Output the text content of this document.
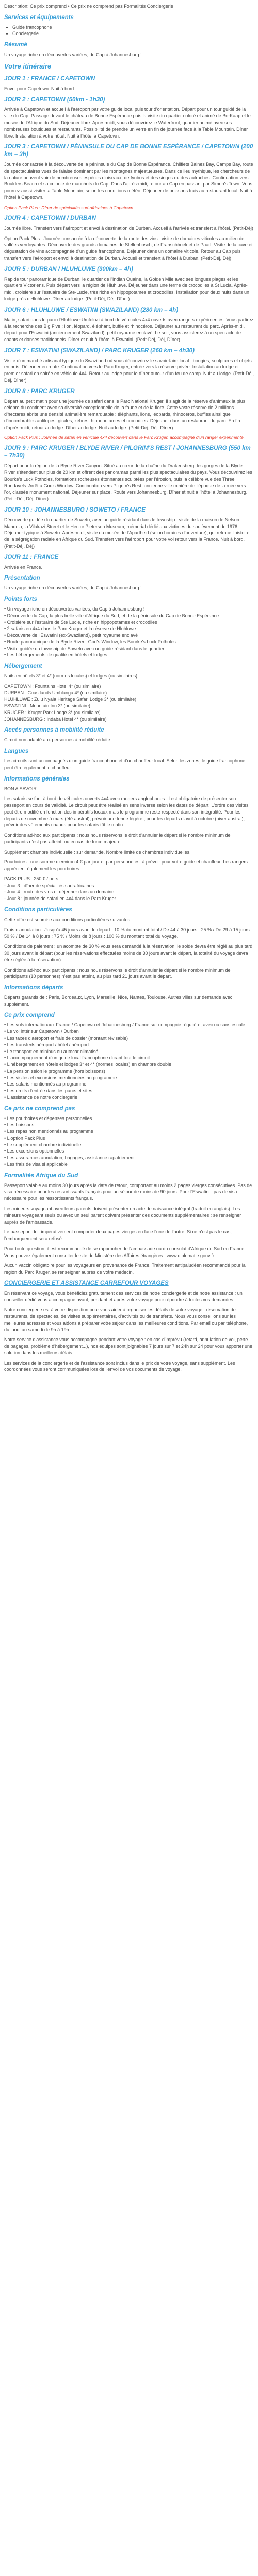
Description: Ce prix comprend • Ce prix ne comprend pas Formalités Conciergerie
Services et équipements
• Guide francophone
• Conciergerie
Résumé
Un voyage riche en découvertes variées, du Cap à Johannesburg !
Votre itinéraire
JOUR 1 : FRANCE / CAPETOWN
Envol pour Capetown. Nuit à bord.
JOUR 2 : CAPETOWN (50km - 1h30)
Arrivée à Capetown et accueil à l'aéroport par votre guide local puis tour d'orientation. Départ pour un tour guidé de la ville du Cap. Passage devant le château de Bonne Espérance puis la visite du quartier coloré et animé de Bo-Kaap et le musée de l'Afrique du Sud. Déjeuner libre. Après-midi, vous découvrirez le Waterfront, quartier animé avec ses nombreuses boutiques et restaurants. Possibilité de prendre un verre en fin de journée face à la Table Mountain. Dîner libre. Installation à votre hôtel. Nuit à l'hôtel à Capetown.
JOUR 3 : CAPETOWN / PÉNINSULE DU CAP DE BONNE ESPÉRANCE / CAPETOWN (200 km – 3h)
Journée consacrée à la découverte de la péninsule du Cap de Bonne Espérance. Chilfiets Baines Bay, Camps Bay, route de spectaculaires vues de falaise dominant par les montagnes majestueuses. Dans ce lieu mythique, les chercheurs de la nature peuvent voir de nombreuses espèces d'oiseaux, de fynbos et des singes ou des autruches. Continuation vers Boulders Beach et sa colonie de manchots du Cap. Dans l'après-midi, retour au Cap en passant par Simon's Town. Vous pourrez aussi visiter la Table Mountain, selon les conditions météo. Déjeuner de poissons frais au restaurant local. Nuit à l'hôtel à Capetown.
Option Pack Plus : Dîner de spécialités sud-africaines à Capetown.
JOUR 4 : CAPETOWN / DURBAN
Journée libre. Transfert vers l'aéroport et envol à destination de Durban. Accueil à l'arrivée et transfert à l'hôtel. (Petit-Déj)
Option Pack Plus : Journée consacrée à la découverte de la route des vins : visite de domaines viticoles au milieu de vallées verdoyantes. Découverte des grands domaines de Stellenbosch, de Franschhoek et de Paarl. Visite de la cave et dégustation de vins accompagnée d'un guide francophone. Déjeuner dans un domaine viticole. Retour au Cap puis transfert vers l'aéroport et envol à destination de Durban. Accueil et transfert à l'hôtel à Durban. (Petit-Déj, Déj)
JOUR 5 : DURBAN / HLUHLUWE (300km – 4h)
Rapide tour panoramique de Durban, le quartier de l'Indian Ouaine, la Golden Mile avec ses longues plages et les quartiers Victoriens. Puis départ vers la région de Hluhluwe. Déjeuner dans une ferme de crocodiles à St Lucia. Après-midi, croisière sur l'estuaire de Ste-Lucie, très riche en hippopotames et crocodiles. Installation pour deux nuits dans un lodge près d'Hluhluwe. Dîner au lodge. (Petit-Déj, Déj, Dîner)
JOUR 6 : HLUHLUWE / ESWATINI (SWAZILAND) (280 km – 4h)
Matin, safari dans le parc d'Hluhluwe-Umfolozi à bord de véhicules 4x4 ouverts avec rangers expérimentés. Vous partirez à la recherche des Big Five : lion, léopard, éléphant, buffle et rhinocéros. Déjeuner au restaurant du parc. Après-midi, départ pour l'Eswatini (anciennement Swaziland), petit royaume enclavé. Le soir, vous assisterez à un spectacle de chants et danses traditionnels. Dîner et nuit à l'hôtel à Eswatini. (Petit-Déj, Déj, Dîner)
JOUR 7 : ESWATINI (SWAZILAND) / PARC KRUGER (260 km – 4h30)
Visite d'un marché artisanal typique du Swaziland où vous découvrirez le savoir-faire local : bougies, sculptures et objets en bois. Déjeuner en route. Continuation vers le Parc Kruger, entrée vers la réserve privée. Installation au lodge et premier safari en soirée en véhicule 4x4. Retour au lodge pour le dîner autour d'un feu de camp. Nuit au lodge. (Petit-Déj, Déj, Dîner)
JOUR 8 : PARC KRUGER
Départ au petit matin pour une journée de safari dans le Parc National Kruger. Il s'agit de la réserve d'animaux la plus célèbre du continent avec sa diversité exceptionnelle de la faune et de la flore. Cette vaste réserve de 2 millions d'hectares abrite une densité animalière remarquable : éléphants, lions, léopards, rhinocéros, buffles ainsi que d'innombrables antilopes, girafes, zèbres, hippopotames et crocodiles. Déjeuner dans un restaurant du parc. En fin d'après-midi, retour au lodge. Dîner au lodge. Nuit au lodge. (Petit-Déj, Déj, Dîner)
Option Pack Plus : Journée de safari en véhicule 4x4 découvert dans le Parc Kruger, accompagné d'un ranger expérimenté.
JOUR 9 : PARC KRUGER / BLYDE RIVER / PILGRIM'S REST / JOHANNESBURG (550 km – 7h30)
Départ pour la région de la Blyde River Canyon. Situé au cœur de la chaîne du Drakensberg, les gorges de la Blyde River s'étendent sur plus de 20 km et offrent des panoramas parmi les plus spectaculaires du pays. Vous découvrirez les Bourke's Luck Potholes, formations rocheuses étonnantes sculptées par l'érosion, puis la célèbre vue des Three Rondavels. Arrêt à God's Window. Continuation vers Pilgrim's Rest, ancienne ville minière de l'époque de la ruée vers l'or, classée monument national. Déjeuner sur place. Route vers Johannesburg. Dîner et nuit à l'hôtel à Johannesburg. (Petit-Déj, Déj, Dîner)
JOUR 10 : JOHANNESBURG / SOWETO / FRANCE
Découverte guidée du quartier de Soweto, avec un guide résidant dans le township : visite de la maison de Nelson Mandela, la Vilakazi Street et le Hector Pieterson Museum, mémorial dédié aux victimes du soulèvement de 1976. Déjeuner typique à Soweto. Après-midi, visite du musée de l'Apartheid (selon horaires d'ouverture), qui retrace l'histoire de la ségrégation raciale en Afrique du Sud. Transfert vers l'aéroport pour votre vol retour vers la France. Nuit à bord. (Petit-Déj, Déj)
JOUR 11 : FRANCE
Arrivée en France.
Présentation
Un voyage riche en découvertes variées, du Cap à Johannesburg !
Points forts
• Un voyage riche en découvertes variées, du Cap à Johannesburg !
• Découverte du Cap, la plus belle ville d'Afrique du Sud, et de la péninsule du Cap de Bonne Espérance
• Croisière sur l'estuaire de Ste Lucie, riche en hippopotames et crocodiles
• 2 safaris en 4x4 dans le Parc Kruger et la réserve de Hluhluwe
• Découverte de l'Eswatini (ex-Swaziland), petit royaume enclavé
• Route panoramique de la Blyde River : God's Window, les Bourke's Luck Potholes
• Visite guidée du township de Soweto avec un guide résidant dans le quartier
• Les hébergements de qualité en hôtels et lodges
Hébergement
Nuits en hôtels 3* et 4* (normes locales) et lodges (ou similaires) :
CAPETOWN : Fountains Hotel 4* (ou similaire)
DURBAN : Coastlands Umhlanga 4* (ou similaire)
HLUHLUWE : Zulu Nyala Heritage Safari Lodge 3* (ou similaire)
ESWATINI : Mountain Inn 3* (ou similaire)
KRUGER : Kruger Park Lodge 3* (ou similaire)
JOHANNESBURG : Indaba Hotel 4* (ou similaire)
Accès personnes à mobilité réduite
Circuit non adapté aux personnes à mobilité réduite.
Langues
Les circuits sont accompagnés d'un guide francophone et d'un chauffeur local. Selon les zones, le guide francophone peut être également le chauffeur.
Informations générales
BON A SAVOIR
Les safaris se font à bord de véhicules ouverts 4x4 avec rangers anglophones. Il est obligatoire de présenter son passeport en cours de validité. Le circuit peut être réalisé en sens inverse selon les dates de départ. L'ordre des visites peut être modifié en fonction des impératifs locaux mais le programme reste respecté dans son intégralité. Pour les départs de novembre à mars (été austral), prévoir une tenue légère ; pour les départs d'avril à octobre (hiver austral), prévoir des vêtements chauds pour les safaris tôt le matin.
Conditions ad-hoc aux participants : nous nous réservons le droit d'annuler le départ si le nombre minimum de participants n'est pas atteint, ou en cas de force majeure.
Supplément chambre individuelle : sur demande. Nombre limité de chambres individuelles.
Pourboires : une somme d'environ 4 € par jour et par personne est à prévoir pour votre guide et chauffeur. Les rangers apprécient également les pourboires.
PACK PLUS : 250 € / pers.
- Jour 3 : dîner de spécialités sud-africaines
- Jour 4 : route des vins et déjeuner dans un domaine
- Jour 8 : journée de safari en 4x4 dans le Parc Kruger
Conditions particulières
Cette offre est soumise aux conditions particulières suivantes :
Frais d'annulation : Jusqu'à 45 jours avant le départ : 10 % du montant total / De 44 à 30 jours : 25 % / De 29 à 15 jours : 50 % / De 14 à 8 jours : 75 % / Moins de 8 jours : 100 % du montant total du voyage.
Conditions de paiement : un acompte de 30 % vous sera demandé à la réservation, le solde devra être réglé au plus tard 30 jours avant le départ (pour les réservations effectuées moins de 30 jours avant le départ, la totalité du voyage devra être réglée à la réservation).
Conditions ad-hoc aux participants : nous nous réservons le droit d'annuler le départ si le nombre minimum de participants (10 personnes) n'est pas atteint, au plus tard 21 jours avant le départ.
Informations départs
Départs garantis de : Paris, Bordeaux, Lyon, Marseille, Nice, Nantes, Toulouse. Autres villes sur demande avec supplément.
Ce prix comprend
• Les vols internationaux France / Capetown et Johannesburg / France sur compagnie régulière, avec ou sans escale
• Le vol intérieur Capetown / Durban
• Les taxes d'aéroport et frais de dossier (montant révisable)
• Les transferts aéroport / hôtel / aéroport
• Le transport en minibus ou autocar climatisé
• L'accompagnement d'un guide local francophone durant tout le circuit
• L'hébergement en hôtels et lodges 3* et 4* (normes locales) en chambre double
• La pension selon le programme (hors boissons)
• Les visites et excursions mentionnées au programme
• Les safaris mentionnés au programme
• Les droits d'entrée dans les parcs et sites
• L'assistance de notre conciergerie
Ce prix ne comprend pas
• Les pourboires et dépenses personnelles
• Les boissons
• Les repas non mentionnés au programme
• L'option Pack Plus
• Le supplément chambre individuelle
• Les excursions optionnelles
• Les assurances annulation, bagages, assistance rapatriement
• Les frais de visa si applicable
Formalités Afrique du Sud
Passeport valable au moins 30 jours après la date de retour, comportant au moins 2 pages vierges consécutives. Pas de visa nécessaire pour les ressortissants français pour un séjour de moins de 90 jours. Pour l'Eswatini : pas de visa nécessaire pour les ressortissants français.
Les mineurs voyageant avec leurs parents doivent présenter un acte de naissance intégral (traduit en anglais). Les mineurs voyageant seuls ou avec un seul parent doivent présenter des documents supplémentaires : se renseigner auprès de l'ambassade.
Le passeport doit impérativement comporter deux pages vierges en face l'une de l'autre. Si ce n'est pas le cas, l'embarquement sera refusé.
Pour toute question, il est recommandé de se rapprocher de l'ambassade ou du consulat d'Afrique du Sud en France. Vous pouvez également consulter le site du Ministère des Affaires étrangères : www.diplomatie.gouv.fr
Aucun vaccin obligatoire pour les voyageurs en provenance de France. Traitement antipaludéen recommandé pour la région du Parc Kruger, se renseigner auprès de votre médecin.
CONCIERGERIE ET ASSISTANCE CARREFOUR VOYAGES
En réservant ce voyage, vous bénéficiez gratuitement des services de notre conciergerie et de notre assistance : un conseiller dédié vous accompagne avant, pendant et après votre voyage pour répondre à toutes vos demandes.
Notre conciergerie est à votre disposition pour vous aider à organiser les détails de votre voyage : réservation de restaurants, de spectacles, de visites supplémentaires, d'activités ou de transferts. Nous vous conseillons sur les meilleures adresses et vous aidons à préparer votre séjour dans les meilleures conditions. Par email ou par téléphone, du lundi au samedi de 9h à 19h.
Notre service d'assistance vous accompagne pendant votre voyage : en cas d'imprévu (retard, annulation de vol, perte de bagages, problème d'hébergement...), nos équipes sont joignables 7 jours sur 7 et 24h sur 24 pour vous apporter une solution dans les meilleurs délais.
Les services de la conciergerie et de l'assistance sont inclus dans le prix de votre voyage, sans supplément. Les coordonnées vous seront communiquées lors de l'envoi de vos documents de voyage.
